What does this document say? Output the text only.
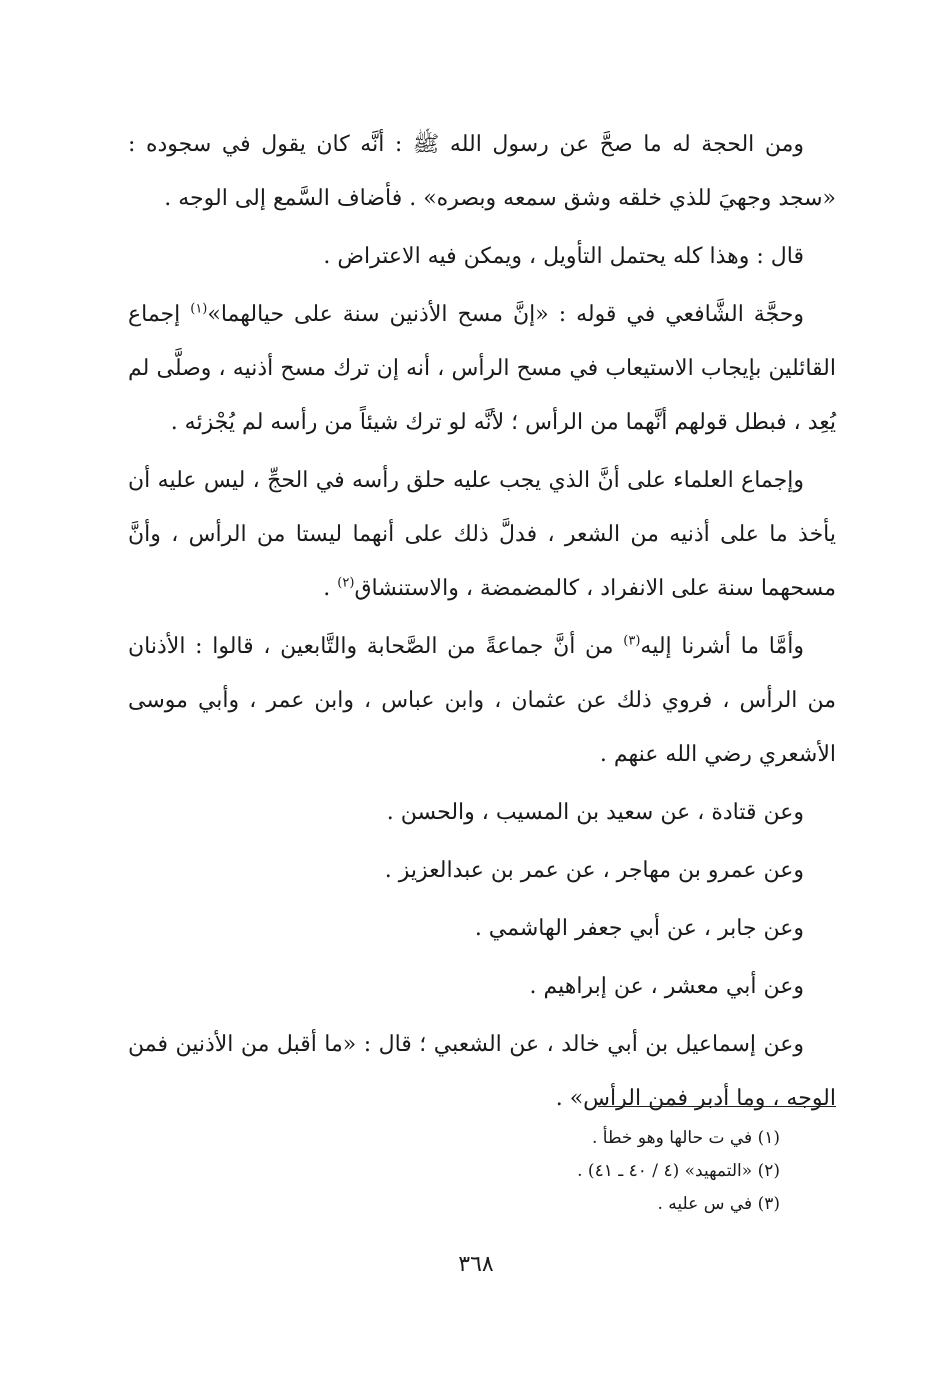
ومن الحجة له ما صحَّ عن رسول الله ﷺ : أنَّه كان يقول في سجوده : «سجد وجهيَ للذي خلقه وشق سمعه وبصره» . فأضاف السَّمع إلى الوجه .

قال : وهذا كله يحتمل التأويل ، ويمكن فيه الاعتراض .

وحجَّة الشَّافعي في قوله : «إنَّ مسح الأذنين سنة على حيالهما»$^{(١)}$ إجماع القائلين بإيجاب الاستيعاب في مسح الرأس ، أنه إن ترك مسح أذنيه ، وصلَّى لم يُعِد ، فبطل قولهم أنَّهما من الرأس ؛ لأنَّه لو ترك شيئاً من رأسه لم يُجْزئه .

وإجماع العلماء على أنَّ الذي يجب عليه حلق رأسه في الحجِّ ، ليس عليه أن يأخذ ما على أذنيه من الشعر ، فدلَّ ذلك على أنهما ليستا من الرأس ، وأنَّ مسحهما سنة على الانفراد ، كالمضمضة ، والاستنشاق$^{(٢)}$ .

وأمَّا ما أشرنا إليه$^{(٣)}$ من أنَّ جماعةً من الصَّحابة والتَّابعين ، قالوا : الأذنان من الرأس ، فروي ذلك عن عثمان ، وابن عباس ، وابن عمر ، وأبي موسى الأشعري رضي الله عنهم .

وعن قتادة ، عن سعيد بن المسيب ، والحسن .

وعن عمرو بن مهاجر ، عن عمر بن عبدالعزيز .

وعن جابر ، عن أبي جعفر الهاشمي .

وعن أبي معشر ، عن إبراهيم .

وعن إسماعيل بن أبي خالد ، عن الشعبي ؛ قال : «ما أقبل من الأذنين فمن الوجه ، وما أدبر فمن الرأس» .

(١) في ت حالها وهو خطأ .

(٢) «التمهيد» (٤ / ٤٠ ـ ٤١) .

(٣) في س عليه .

٣٦٨
